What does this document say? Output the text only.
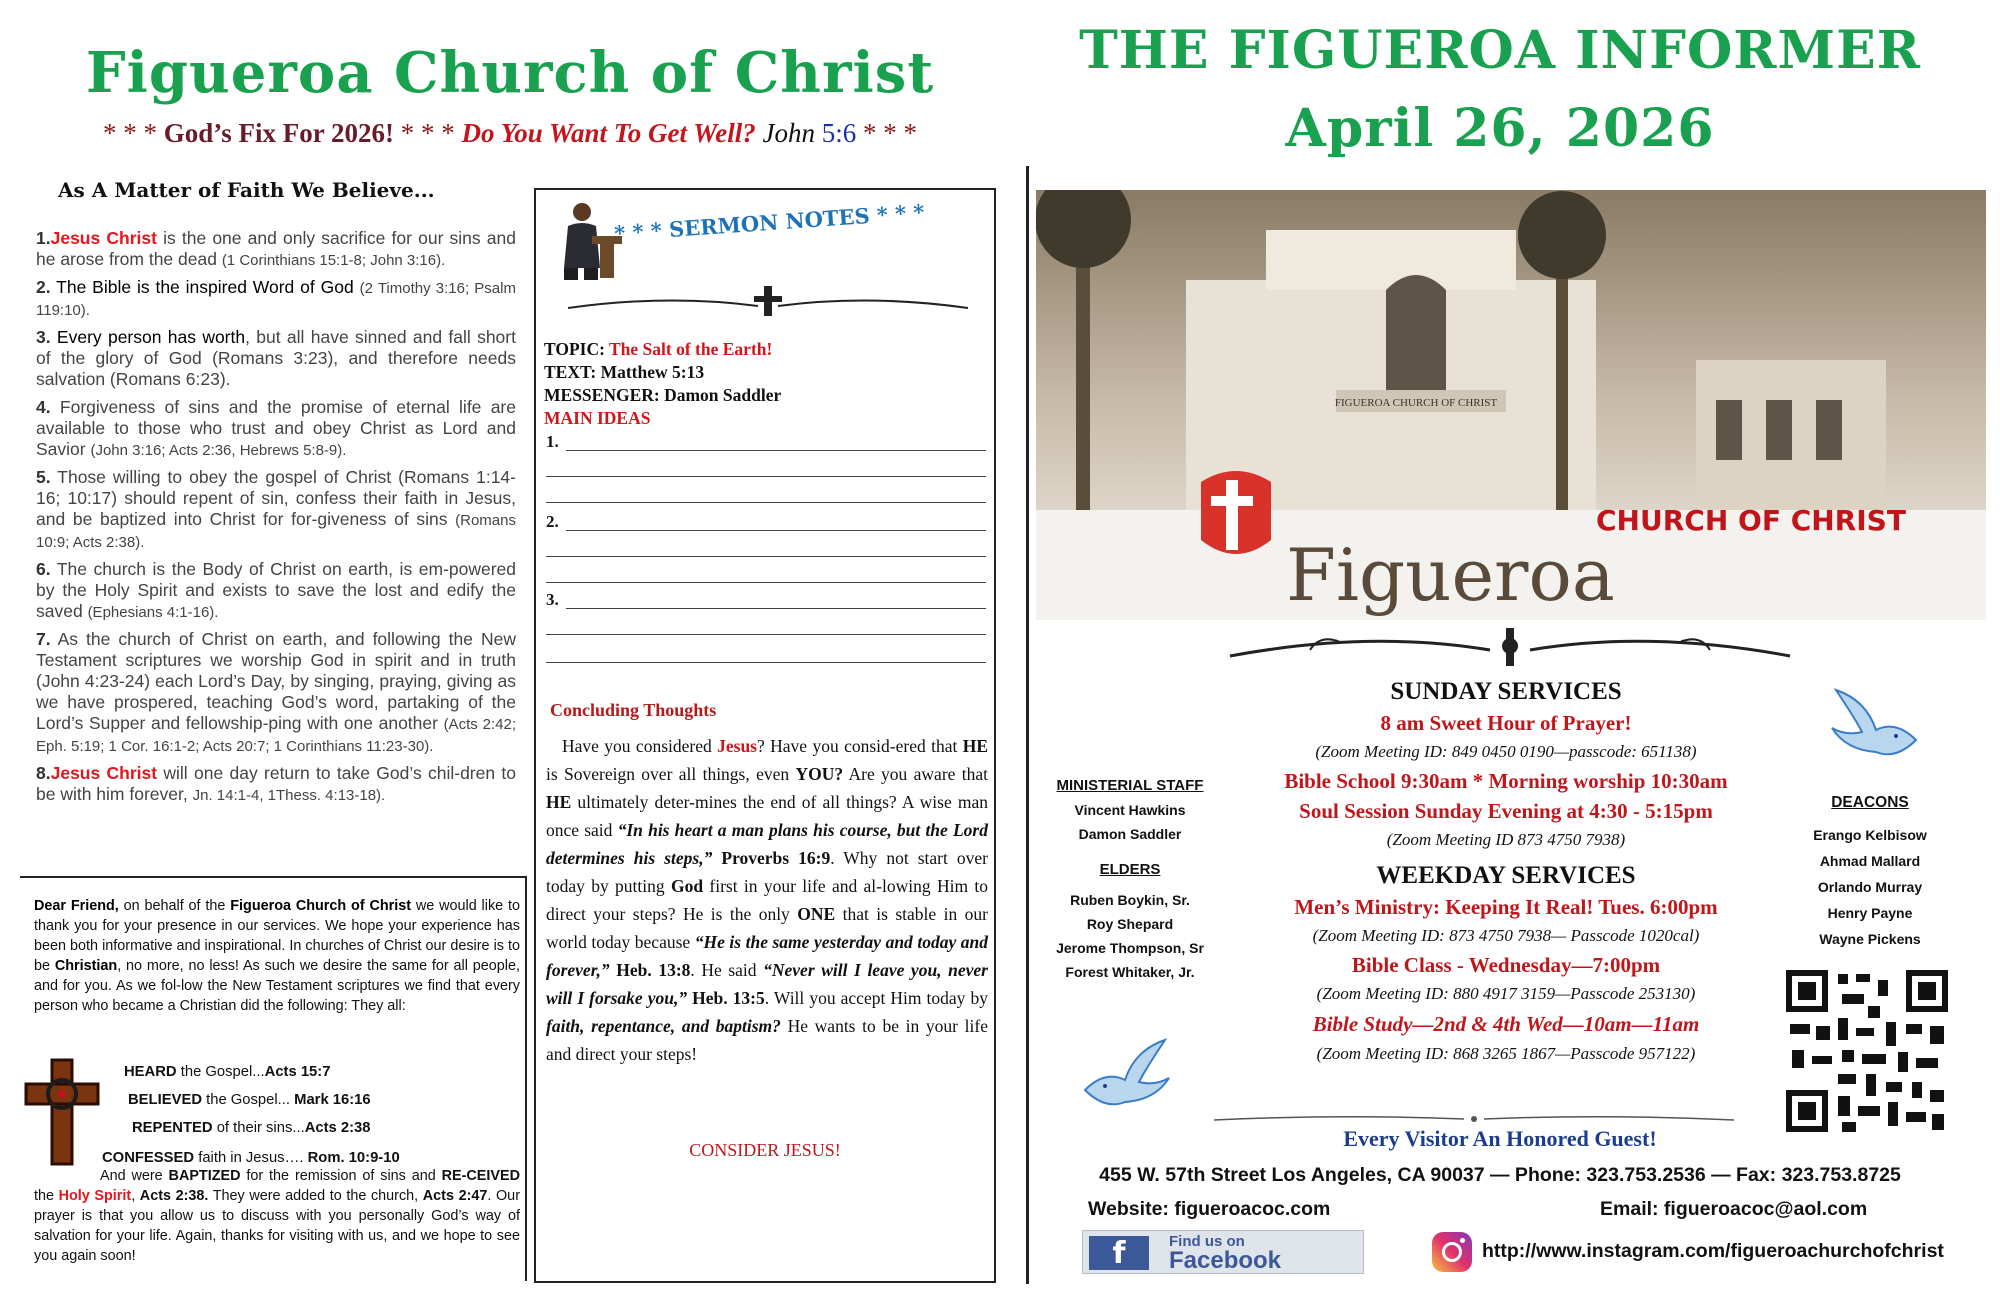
Figueroa Church of Christ
* * * God’s Fix For 2026! * * * Do You Want To Get Well? John 5:6 * * *
As A Matter of Faith We Believe...
1.Jesus Christ is the one and only sacrifice for our sins and he arose from the dead (1 Corinthians 15:1-8; John 3:16).
2. The Bible is the inspired Word of God (2 Timothy 3:16; Psalm 119:10).
3. Every person has worth, but all have sinned and fall short of the glory of God (Romans 3:23), and therefore needs salvation (Romans 6:23).
4. Forgiveness of sins and the promise of eternal life are available to those who trust and obey Christ as Lord and Savior (John 3:16; Acts 2:36, Hebrews 5:8-9).
5. Those willing to obey the gospel of Christ (Romans 1:14-16; 10:17) should repent of sin, confess their faith in Jesus, and be baptized into Christ for for-giveness of sins (Romans 10:9; Acts 2:38).
6. The church is the Body of Christ on earth, is em-powered by the Holy Spirit and exists to save the lost and edify the saved (Ephesians 4:1-16).
7. As the church of Christ on earth, and following the New Testament scriptures we worship God in spirit and in truth (John 4:23-24) each Lord’s Day, by singing, praying, giving as we have prospered, teaching God’s word, partaking of the Lord’s Supper and fellowship-ping with one another (Acts 2:42; Eph. 5:19; 1 Cor. 16:1-2; Acts 20:7; 1 Corinthians 11:23-30).
8.Jesus Christ will one day return to take God’s chil-dren to be with him forever, Jn. 14:1-4, 1Thess. 4:13-18).
Dear Friend, on behalf of the Figueroa Church of Christ we would like to thank you for your presence in our services. We hope your experience has been both informative and inspirational. In churches of Christ our desire is to be Christian, no more, no less! As such we desire the same for all people, and for you. As we fol-low the New Testament scriptures we find that every person who became a Christian did the following: They all:
HEARD the Gospel...Acts 15:7
BELIEVED the Gospel... Mark 16:16
REPENTED of their sins...Acts 2:38
CONFESSED faith in Jesus…. Rom. 10:9-10
And were BAPTIZED for the remission of sins and RE-CEIVED the Holy Spirit, Acts 2:38. They were added to the church, Acts 2:47. Our prayer is that you allow us to discuss with you personally God’s way of salvation for your life. Again, thanks for visiting with us, and we hope to see you again soon!
* * * SERMON NOTES * * *
TOPIC: The Salt of the Earth!
TEXT: Matthew 5:13
MESSENGER: Damon Saddler
MAIN IDEAS
1.
2.
3.
Concluding Thoughts
Have you considered Jesus? Have you consid-ered that HE is Sovereign over all things, even YOU? Are you aware that HE ultimately deter-mines the end of all things? A wise man once said “In his heart a man plans his course, but the Lord determines his steps,” Proverbs 16:9. Why not start over today by putting God first in your life and al-lowing Him to direct your steps? He is the only ONE that is stable in our world today because “He is the same yesterday and today and forever,” Heb. 13:8. He said “Never will I leave you, never will I forsake you,” Heb. 13:5. Will you accept Him today by faith, repentance, and baptism? He wants to be in your life and direct your steps!
CONSIDER JESUS!
THE FIGUEROA INFORMER
April 26, 2026
FIGUEROA CHURCH OF CHRIST
CHURCH OF CHRIST
Figueroa
SUNDAY SERVICES
8 am Sweet Hour of Prayer!
(Zoom Meeting ID: 849 0450 0190—passcode: 651138)
Bible School 9:30am * Morning worship 10:30am
Soul Session Sunday Evening at 4:30 - 5:15pm
(Zoom Meeting ID 873 4750 7938)
WEEKDAY SERVICES
Men’s Ministry: Keeping It Real! Tues. 6:00pm
(Zoom Meeting ID: 873 4750 7938— Passcode 1020cal)
Bible Class - Wednesday—7:00pm
(Zoom Meeting ID: 880 4917 3159—Passcode 253130)
Bible Study—2nd & 4th Wed—10am—11am
(Zoom Meeting ID: 868 3265 1867—Passcode 957122)
MINISTERIAL STAFF
Vincent Hawkins
Damon Saddler
ELDERS
Ruben Boykin, Sr.
Roy Shepard
Jerome Thompson, Sr
Forest Whitaker, Jr.
DEACONS
Erango Kelbisow
Ahmad Mallard
Orlando Murray
Henry Payne
Wayne Pickens
Every Visitor An Honored Guest!
455 W. 57th Street Los Angeles, CA 90037 — Phone: 323.753.2536 — Fax: 323.753.8725
Website: figueroacoc.com	Email: figueroacoc@aol.com
f	Find us on
Facebook	http://www.instagram.com/figueroachurchofchrist
